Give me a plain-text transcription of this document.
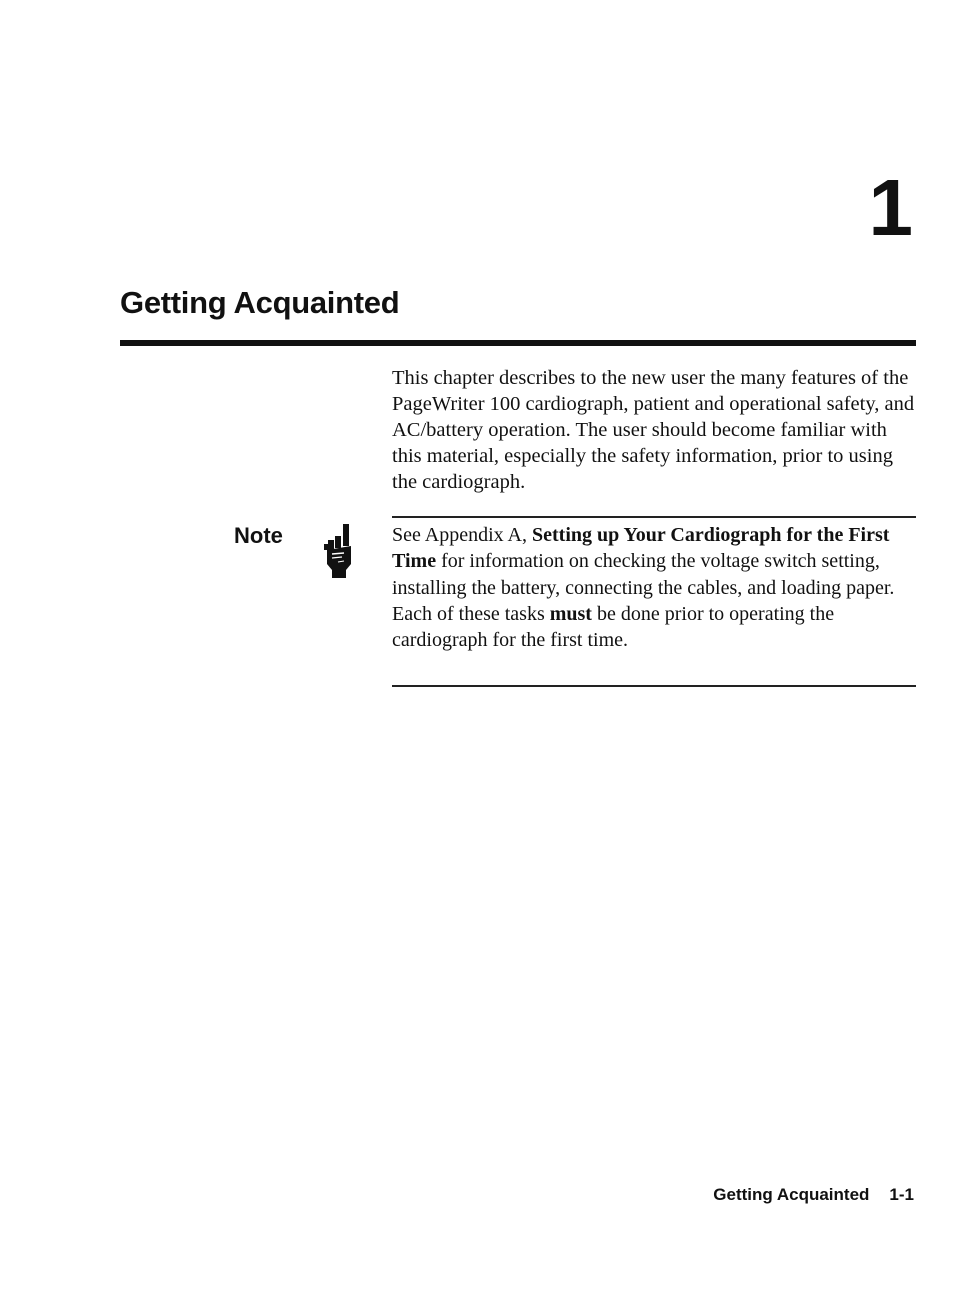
1
Getting Acquainted

This chapter describes to the new user the many features of the PageWriter 100 cardiograph, patient and operational safety, and AC/battery operation. The user should become familiar with this material, especially the safety information, prior to using the cardiograph.

Note	See Appendix A, Setting up Your Cardiograph for the First Time for information on checking the voltage switch setting, installing the battery, connecting the cables, and loading paper. Each of these tasks must be done prior to operating the cardiograph for the first time.

Getting Acquainted 1-1
